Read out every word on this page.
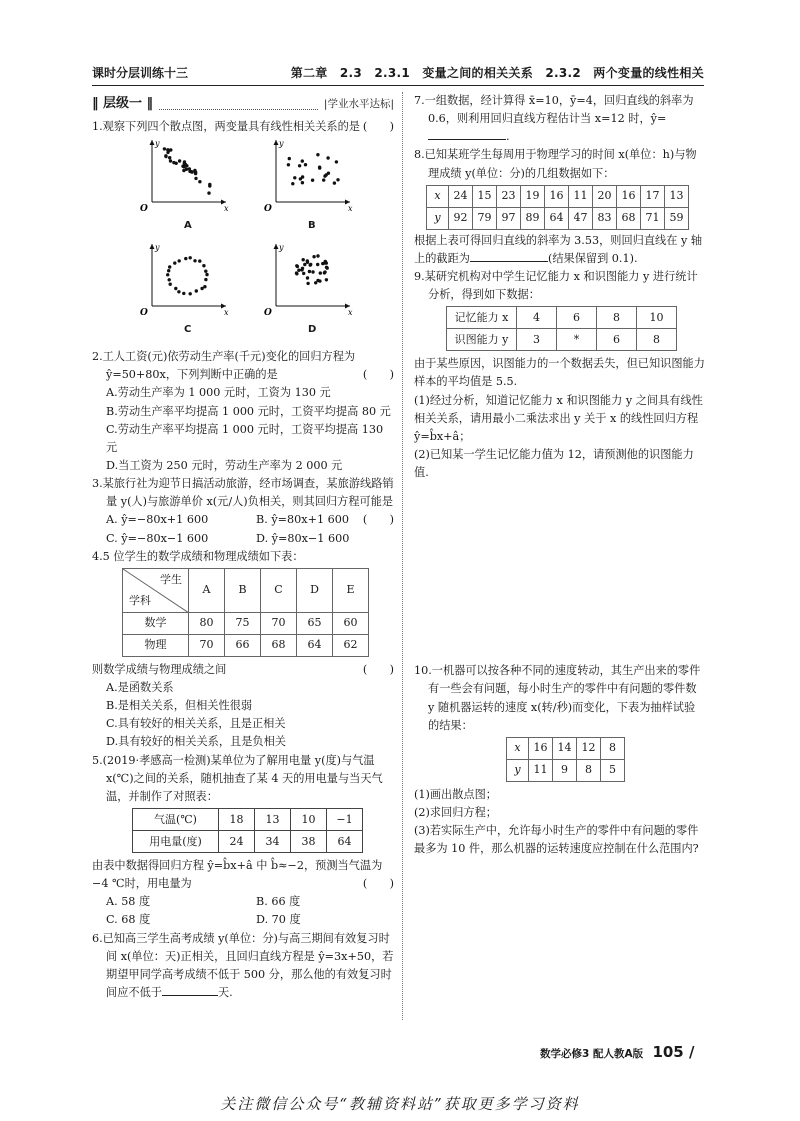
课时分层训练十三	第二章　2.3　2.3.1　变量之间的相关关系　2.3.2　两个变量的线性相关
‖ 层级一 ‖	|学业水平达标|

1.观察下列四个散点图，两变量具有线性相关关系的是 (　　)

O	x
y
O	x
y
O	x
y
O	x
y
A	B
C	D

2.工人工资(元)依劳动生产率(千元)变化的回归方程为 ŷ=50+80x，下列判断中正确的是	(　　)

A.劳动生产率为 1 000 元时，工资为 130 元

B.劳动生产率平均提高 1 000 元时，工资平均提高 80 元

C.劳动生产率平均提高 1 000 元时，工资平均提高 130 元

D.当工资为 250 元时，劳动生产率为 2 000 元

3.某旅行社为迎节日搞活动旅游，经市场调查，某旅游线路销量 y(人)与旅游单价 x(元/人)负相关，则其回归方程可能是
(　　)

A. ŷ=−80x+1 600	B. ŷ=80x+1 600

C. ŷ=−80x−1 600	D. ŷ=80x−1 600

4.5 位学生的数学成绩和物理成绩如下表：

学生
学科	A	B	C	D	E
数学	80	75	70	65	60
物理	70	66	68	64	62

则数学成绩与物理成绩之间	(　　)

A.是函数关系

B.是相关关系，但相关性很弱

C.具有较好的相关关系，且是正相关

D.具有较好的相关关系，且是负相关

5.(2019·孝感高一检测)某单位为了解用电量 y(度)与气温 x(℃)之间的关系，随机抽查了某 4 天的用电量与当天气温，并制作了对照表：

气温(℃)	18	13	10	−1
用电量(度)	24	34	38	64

由表中数据得回归方程 ŷ=b̂x+â 中 b̂≈−2，预测当气温为−4 ℃时，用电量为	(　　)

A. 58 度	B. 66 度

C. 68 度	D. 70 度

6.已知高三学生高考成绩 y(单位：分)与高三期间有效复习时间 x(单位：天)正相关，且回归直线方程是 ŷ=3x+50，若期望甲同学高考成绩不低于 500 分，那么他的有效复习时间应不低于	天.

7.一组数据，经计算得 x̄=10，ȳ=4，回归直线的斜率为 0.6，则利用回归直线方程估计当 x=12 时，ŷ=.

8.已知某班学生每周用于物理学习的时间 x(单位：h)与物理成绩 y(单位：分)的几组数据如下：

x	24	15	23	19	16	11	20	16	17	13
y	92	79	97	89	64	47	83	68	71	59

根据上表可得回归直线的斜率为 3.53，则回归直线在 y 轴上的截距为	(结果保留到 0.1).

9.某研究机构对中学生记忆能力 x 和识图能力 y 进行统计分析，得到如下数据：

记忆能力 x	4	6	8	10
识图能力 y	3	*	6	8

由于某些原因，识图能力的一个数据丢失，但已知识图能力样本的平均值是 5.5.

(1)经过分析，知道记忆能力 x 和识图能力 y 之间具有线性相关关系，请用最小二乘法求出 y 关于 x 的线性回归方程 ŷ=b̂x+â；

(2)已知某一学生记忆能力值为 12，请预测他的识图能力值.

10.一机器可以按各种不同的速度转动，其生产出来的零件有一些会有问题，每小时生产的零件中有问题的零件数 y 随机器运转的速度 x(转/秒)而变化，下表为抽样试验的结果：

x	16	14	12	8
y	11	9	8	5

(1)画出散点图；

(2)求回归方程；

(3)若实际生产中，允许每小时生产的零件中有问题的零件最多为 10 件，那么机器的运转速度应控制在什么范围内?

数学必修3 配人教A版 105 /
关注微信公众号“教辅资料站”获取更多学习资料
